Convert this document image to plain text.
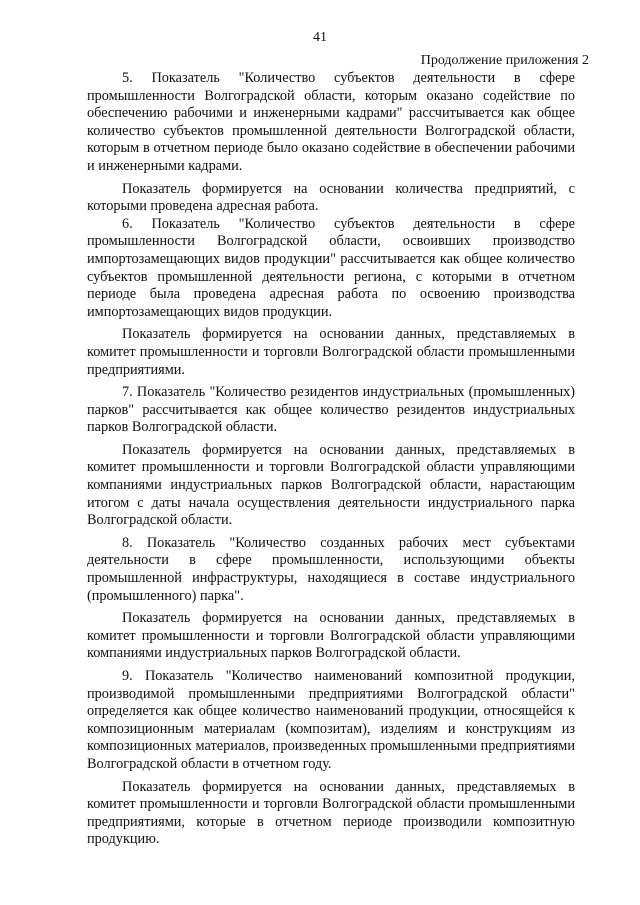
41
Продолжение приложения 2

5. Показатель "Количество субъектов деятельности в сфере промышленности Волгоградской области, которым оказано содействие по обеспечению рабочими и инженерными кадрами" рассчитывается как общее количество субъектов промышленной деятельности Волгоградской области, которым в отчетном периоде было оказано содействие в обеспечении рабочими и инженерными кадрами.

Показатель формируется на основании количества предприятий, с которыми проведена адресная работа.

6. Показатель "Количество субъектов деятельности в сфере промышленности Волгоградской области, освоивших производство импортозамещающих видов продукции" рассчитывается как общее количество субъектов промышленной деятельности региона, с которыми в отчетном периоде была проведена адресная работа по освоению производства импортозамещающих видов продукции.

Показатель формируется на основании данных, представляемых в комитет промышленности и торговли Волгоградской области промышленными предприятиями.

7. Показатель "Количество резидентов индустриальных (промышленных) парков" рассчитывается как общее количество резидентов индустриальных парков Волгоградской области.

Показатель формируется на основании данных, представляемых в комитет промышленности и торговли Волгоградской области управляющими компаниями индустриальных парков Волгоградской области, нарастающим итогом с даты начала осуществления деятельности индустриального парка Волгоградской области.

8. Показатель "Количество созданных рабочих мест субъектами деятельности в сфере промышленности, использующими объекты промышленной инфраструктуры, находящиеся в составе индустриального (промышленного) парка".

Показатель формируется на основании данных, представляемых в комитет промышленности и торговли Волгоградской области управляющими компаниями индустриальных парков Волгоградской области.

9. Показатель "Количество наименований композитной продукции, производимой промышленными предприятиями Волгоградской области" определяется как общее количество наименований продукции, относящейся к композиционным материалам (композитам), изделиям и конструкциям из композиционных материалов, произведенных промышленными предприятиями Волгоградской области в отчетном году.

Показатель формируется на основании данных, представляемых в комитет промышленности и торговли Волгоградской области промышленными предприятиями, которые в отчетном периоде производили композитную продукцию.
